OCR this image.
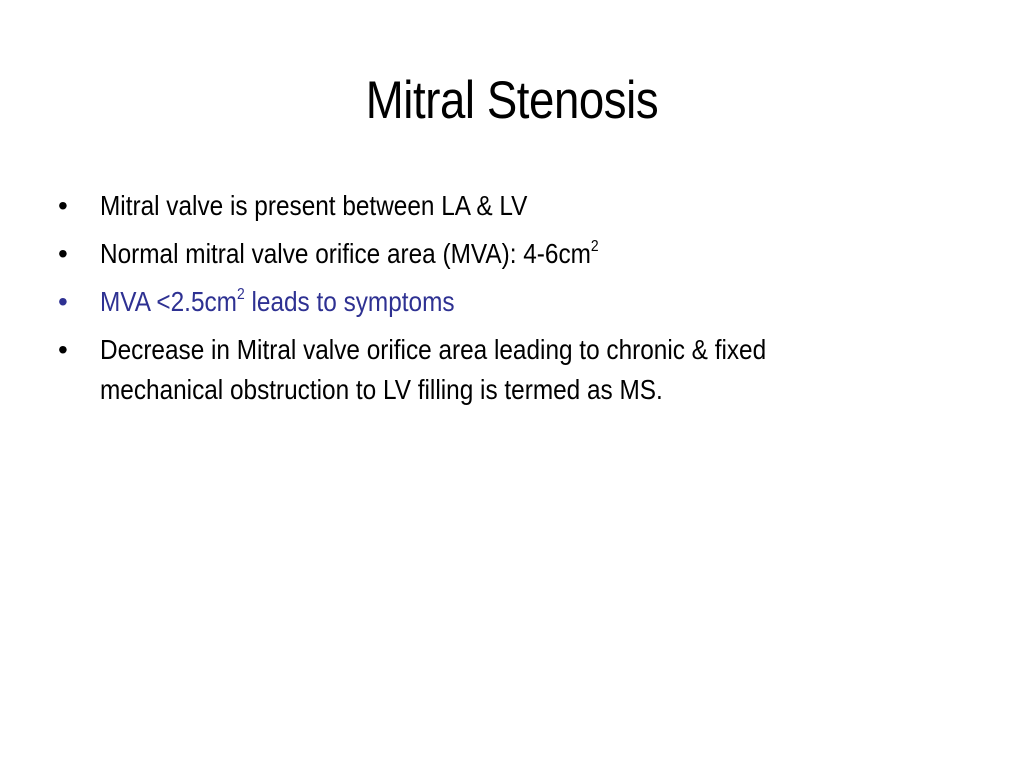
Mitral Stenosis
•	Mitral valve is present between LA & LV
•	Normal mitral valve orifice area (MVA): $4-6cm^2$
•	MVA $<2.5cm^2$ leads to symptoms
•	Decrease in Mitral valve orifice area leading to chronic & fixed
mechanical obstruction to LV filling is termed as MS.
